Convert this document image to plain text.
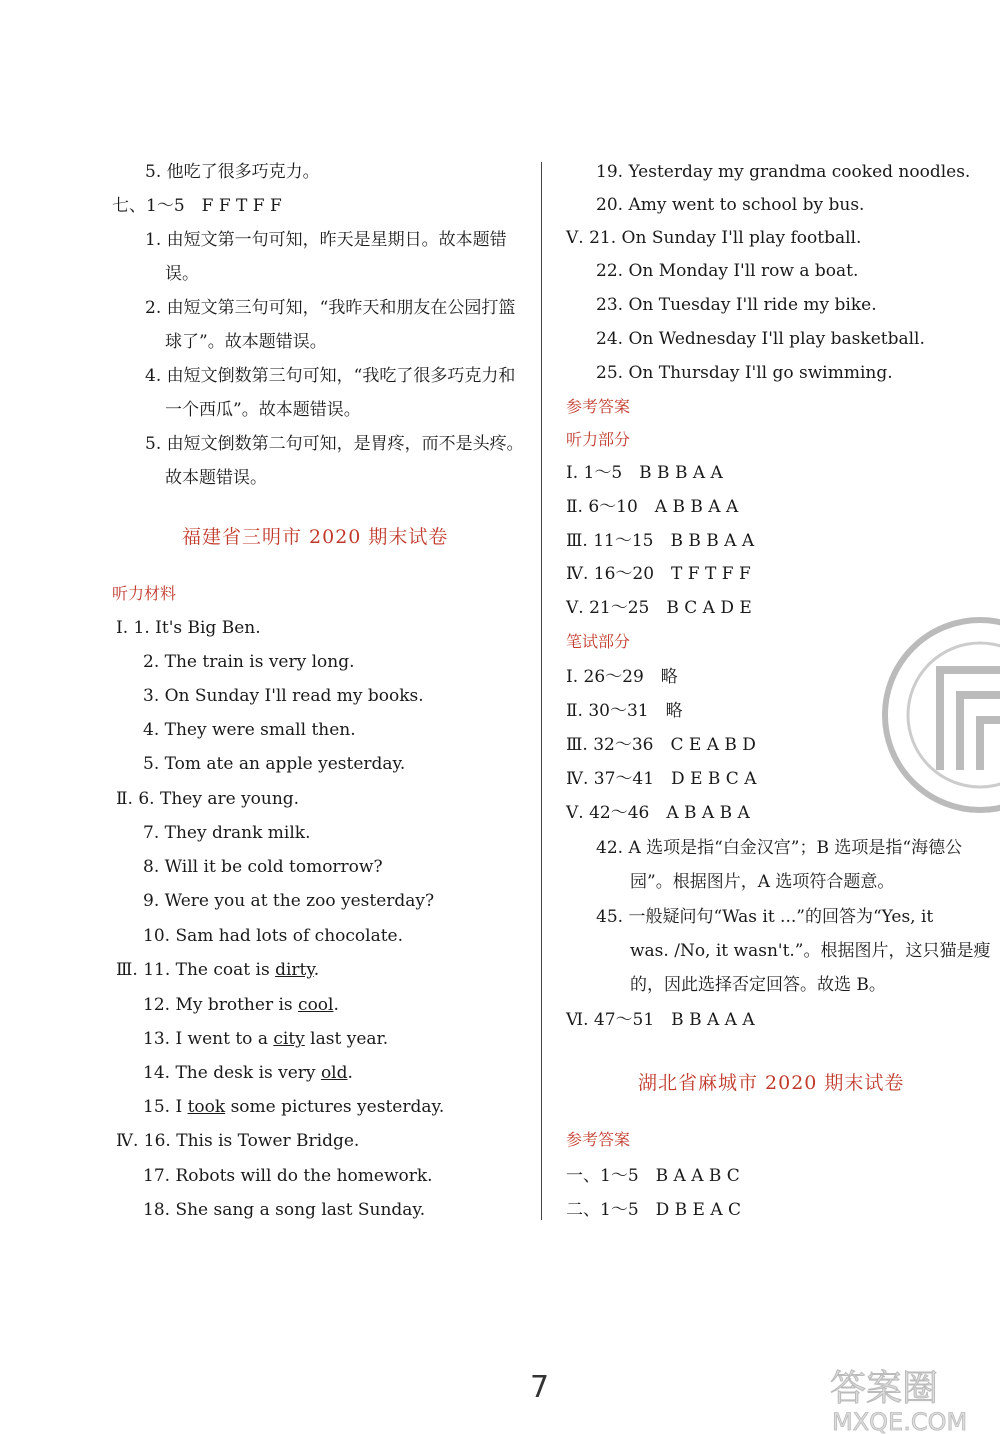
5. 他吃了很多巧克力。
七、1～5　F F T F F
1. 由短文第一句可知，昨天是星期日。故本题错
误。
2. 由短文第三句可知，“我昨天和朋友在公园打篮
球了”。故本题错误。
4. 由短文倒数第三句可知，“我吃了很多巧克力和
一个西瓜”。故本题错误。
5. 由短文倒数第二句可知，是胃疼，而不是头疼。
故本题错误。
福建省三明市 2020 期末试卷
听力材料
Ⅰ. 1. It's Big Ben.
2. The train is very long.
3. On Sunday I'll read my books.
4. They were small then.
5. Tom ate an apple yesterday.
Ⅱ. 6. They are young.
7. They drank milk.
8. Will it be cold tomorrow?
9. Were you at the zoo yesterday?
10. Sam had lots of chocolate.
Ⅲ. 11. The coat is dirty.
12. My brother is cool.
13. I went to a city last year.
14. The desk is very old.
15. I took some pictures yesterday.
Ⅳ. 16. This is Tower Bridge.
17. Robots will do the homework.
18. She sang a song last Sunday.
19. Yesterday my grandma cooked noodles.
20. Amy went to school by bus.
Ⅴ. 21. On Sunday I'll play football.
22. On Monday I'll row a boat.
23. On Tuesday I'll ride my bike.
24. On Wednesday I'll play basketball.
25. On Thursday I'll go swimming.
参考答案
听力部分
Ⅰ. 1～5　B B B A A
Ⅱ. 6～10　A B B A A
Ⅲ. 11～15　B B B A A
Ⅳ. 16～20　T F T F F
Ⅴ. 21～25　B C A D E
笔试部分
Ⅰ. 26～29　略
Ⅱ. 30～31　略
Ⅲ. 32～36　C E A B D
Ⅳ. 37～41　D E B C A
Ⅴ. 42～46　A B A B A
42. A 选项是指“白金汉宫”；B 选项是指“海德公
园”。根据图片，A 选项符合题意。
45. 一般疑问句“Was it ...”的回答为“Yes, it
was. /No, it wasn't.”。根据图片，这只猫是瘦
的，因此选择否定回答。故选 B。
Ⅵ. 47～51　B B A A A
湖北省麻城市 2020 期末试卷
参考答案
一、1～5　B A A B C
二、1～5　D B E A C
7	答案圈
MXQE.COM
